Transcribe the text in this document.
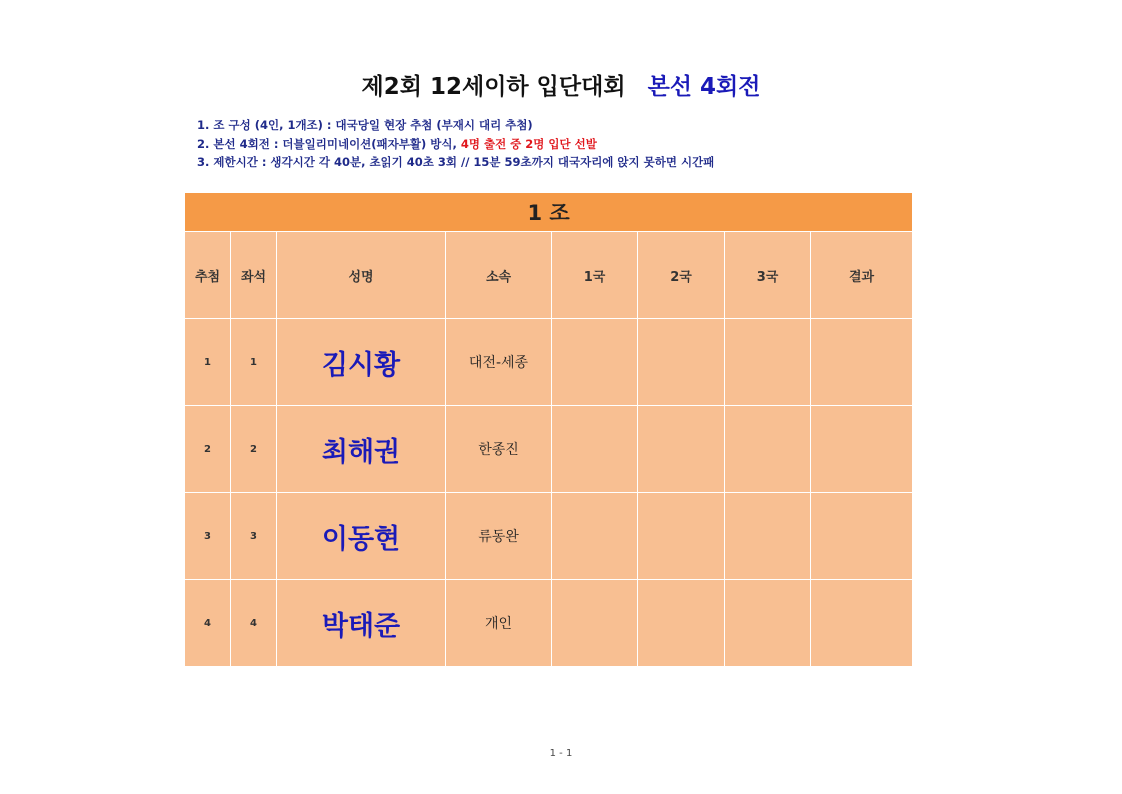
제2회 12세이하 입단대회 본선 4회전
1. 조 구성 (4인, 1개조) : 대국당일 현장 추첨 (부재시 대리 추첨)
2. 본선 4회전 : 더블일리미네이션(패자부활) 방식, 4명 출전 중 2명 입단 선발
3. 제한시간 : 생각시간 각 40분, 초읽기 40초 3회 // 15분 59초까지 대국자리에 앉지 못하면 시간패
1 조							
추첨	좌석	성명	소속	1국	2국	3국	결과
1	1	김시황	대전-세종				
2	2	최해권	한종진				
3	3	이동현	류동완				
4	4	박태준	개인				
1 - 1
